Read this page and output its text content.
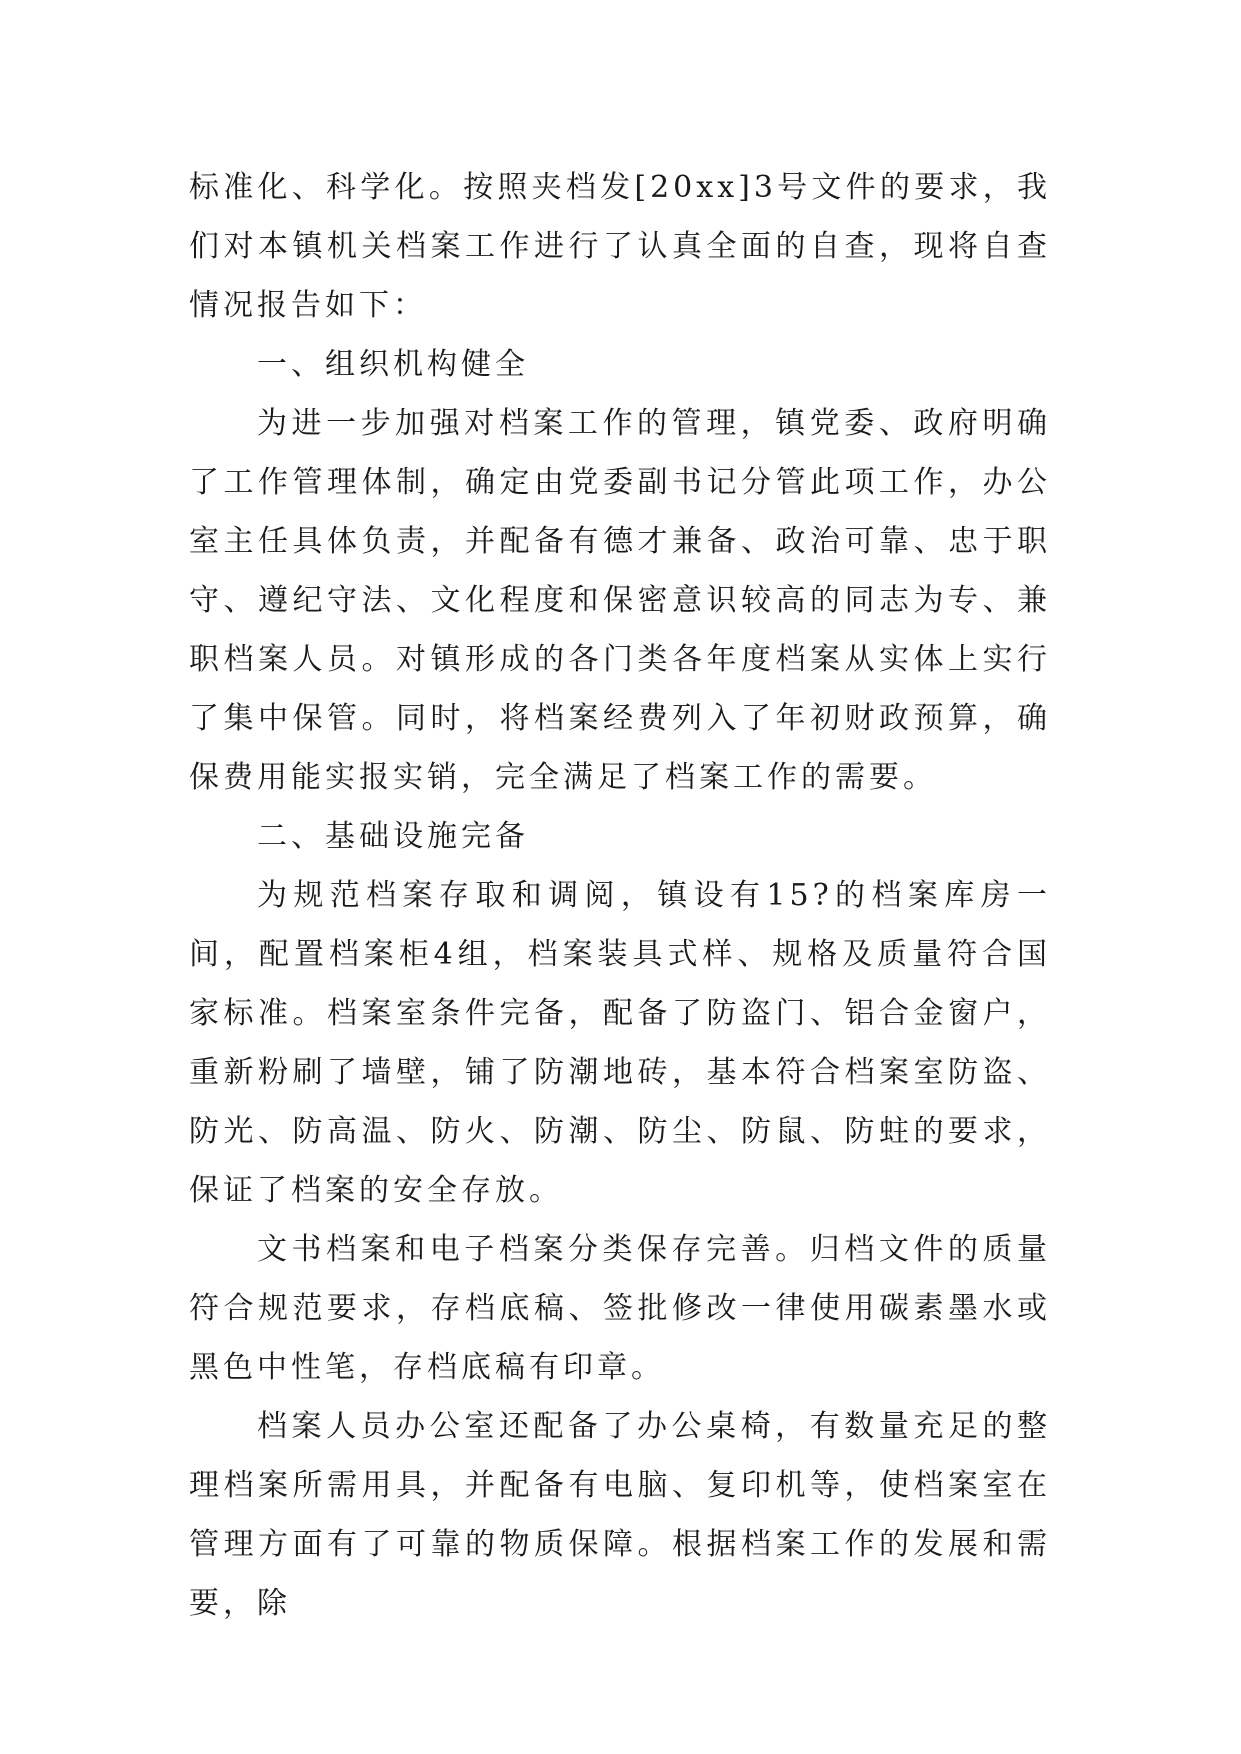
标准化、科学化。按照夹档发[20xx]3号文件的要求，我们对本镇机关档案工作进行了认真全面的自查，现将自查情况报告如下：

一、组织机构健全

为进一步加强对档案工作的管理，镇党委、政府明确了工作管理体制，确定由党委副书记分管此项工作，办公室主任具体负责，并配备有德才兼备、政治可靠、忠于职守、遵纪守法、文化程度和保密意识较高的同志为专、兼职档案人员。对镇形成的各门类各年度档案从实体上实行了集中保管。同时，将档案经费列入了年初财政预算，确保费用能实报实销，完全满足了档案工作的需要。

二、基础设施完备

为规范档案存取和调阅，镇设有15?的档案库房一间，配置档案柜4组，档案装具式样、规格及质量符合国家标准。档案室条件完备，配备了防盗门、铝合金窗户，重新粉刷了墙壁，铺了防潮地砖，基本符合档案室防盗、防光、防高温、防火、防潮、防尘、防鼠、防蛀的要求，保证了档案的安全存放。

文书档案和电子档案分类保存完善。归档文件的质量符合规范要求，存档底稿、签批修改一律使用碳素墨水或黑色中性笔，存档底稿有印章。

档案人员办公室还配备了办公桌椅，有数量充足的整理档案所需用具，并配备有电脑、复印机等，使档案室在管理方面有了可靠的物质保障。根据档案工作的发展和需要，除
